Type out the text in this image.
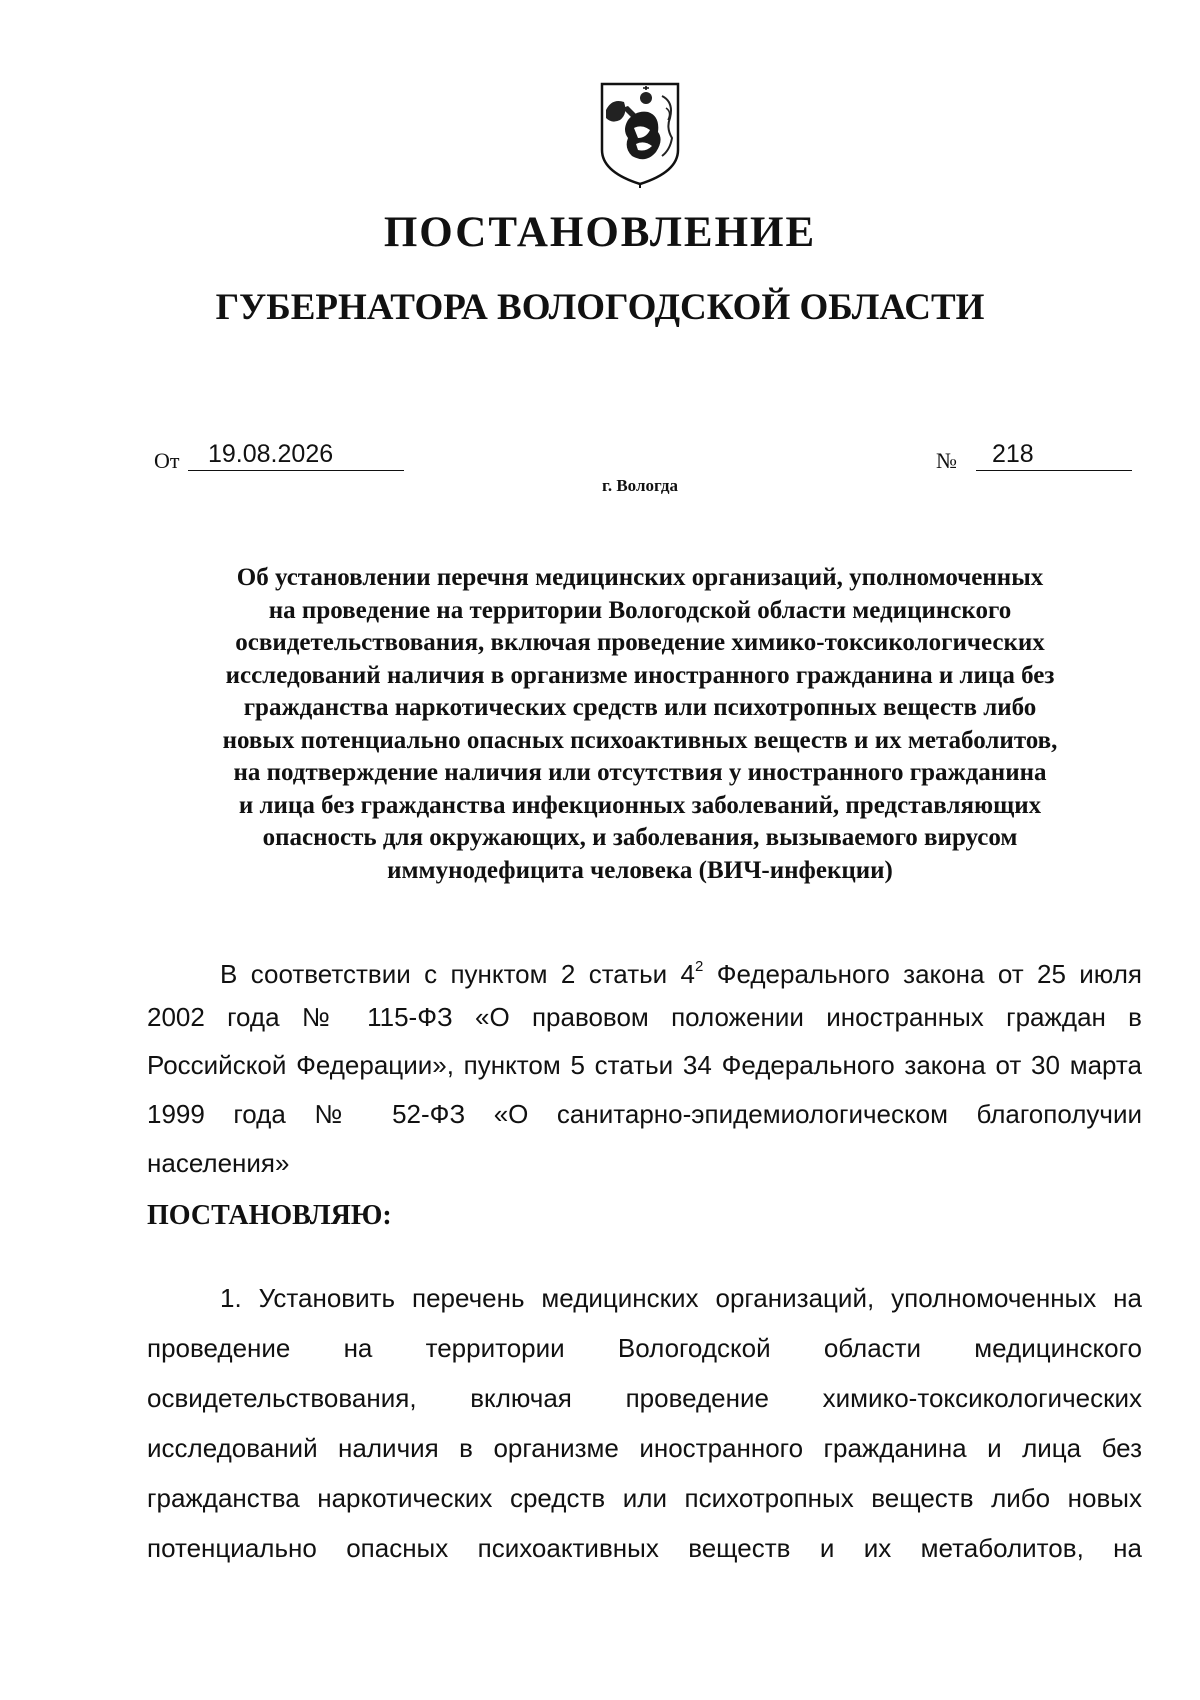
ПОСТАНОВЛЕНИЕ
ГУБЕРНАТОРА ВОЛОГОДСКОЙ ОБЛАСТИ
От 19.08.2026	№ 218
г. Вологда
Об установлении перечня медицинских организаций, уполномоченных
на проведение на территории Вологодской области медицинского
освидетельствования, включая проведение химико-токсикологических
исследований наличия в организме иностранного гражданина и лица без
гражданства наркотических средств или психотропных веществ либо
новых потенциально опасных психоактивных веществ и их метаболитов,
на подтверждение наличия или отсутствия у иностранного гражданина
и лица без гражданства инфекционных заболеваний, представляющих
опасность для окружающих, и заболевания, вызываемого вирусом
иммунодефицита человека (ВИЧ-инфекции)
В соответствии с пунктом 2 статьи $4^2$ Федерального закона от 25 июля
2002 года № 115-ФЗ «О правовом положении иностранных граждан в
Российской Федерации», пунктом 5 статьи 34 Федерального закона от 30 марта
1999 года № 52-ФЗ «О санитарно-эпидемиологическом благополучии
населения»
ПОСТАНОВЛЯЮ:
1. Установить перечень медицинских организаций, уполномоченных на
проведение на территории Вологодской области медицинского
освидетельствования, включая проведение химико-токсикологических
исследований наличия в организме иностранного гражданина и лица без
гражданства наркотических средств или психотропных веществ либо новых
потенциально опасных психоактивных веществ и их метаболитов, на
